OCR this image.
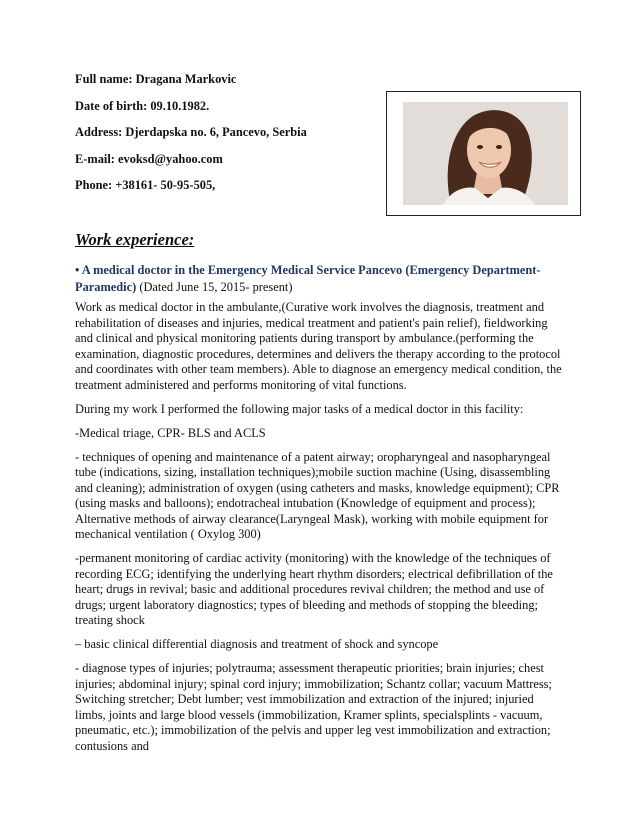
Full name: Dragana Markovic

Date of birth: 09.10.1982.

Address: Djerdapska no. 6, Pancevo, Serbia

E-mail: evoksd@yahoo.com

Phone: +38161- 50-95-505,

Work experience:

• A medical doctor in the Emergency Medical Service Pancevo (Emergency Department-Paramedic) (Dated June 15, 2015- present)

Work as medical doctor in the ambulante,(Curative work involves the diagnosis, treatment and rehabilitation of diseases and injuries, medical treatment and patient's pain relief), fieldworking and clinical and physical monitoring patients during transport by ambulance.(performing the examination, diagnostic procedures, determines and delivers the therapy according to the protocol and coordinates with other team members). Able to diagnose an emergency medical condition, the treatment administered and performs monitoring of vital functions.

During my work I performed the following major tasks of a medical doctor in this facility:

-Medical triage, CPR- BLS and ACLS

- techniques of opening and maintenance of a patent airway; oropharyngeal and nasopharyngeal tube (indications, sizing, installation techniques);mobile suction machine (Using, disassembling and cleaning); administration of oxygen (using catheters and masks, knowledge equipment); CPR (using masks and balloons); endotracheal intubation (Knowledge of equipment and process); Alternative methods of airway clearance(Laryngeal Mask), working with mobile equipment for mechanical ventilation ( Oxylog 300)

-permanent monitoring of cardiac activity (monitoring) with the knowledge of the techniques of recording ECG; identifying the underlying heart rhythm disorders; electrical defibrillation of the heart; drugs in revival; basic and additional procedures revival children; the method and use of drugs; urgent laboratory diagnostics; types of bleeding and methods of stopping the bleeding; treating shock

– basic clinical differential diagnosis and treatment of shock and syncope

- diagnose types of injuries; polytrauma; assessment therapeutic priorities; brain injuries; chest injuries; abdominal injury; spinal cord injury; immobilization; Schantz collar; vacuum Mattress; Switching stretcher; Debt lumber; vest immobilization and extraction of the injured; injuried limbs, joints and large blood vessels (immobilization, Kramer splints, specialsplints - vacuum, pneumatic, etc.); immobilization of the pelvis and upper leg vest immobilization and extraction; contusions and
